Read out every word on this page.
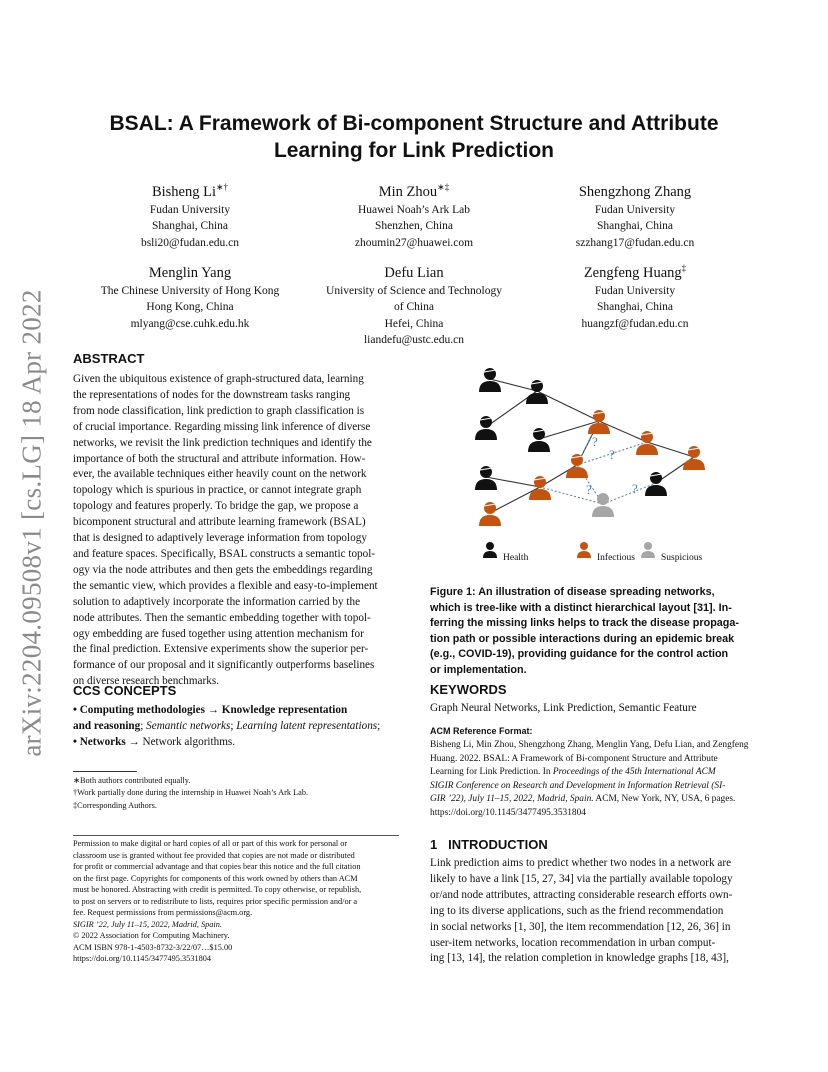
arXiv:2204.09508v1 [cs.LG] 18 Apr 2022
BSAL: A Framework of Bi-component Structure and Attribute
Learning for Link Prediction
Bisheng Li∗†
Fudan University
Shanghai, China
bsli20@fudan.edu.cn
Min Zhou∗‡
Huawei Noah’s Ark Lab
Shenzhen, China
zhoumin27@huawei.com
Shengzhong Zhang
Fudan University
Shanghai, China
szzhang17@fudan.edu.cn
Menglin Yang
The Chinese University of Hong Kong
Hong Kong, China
mlyang@cse.cuhk.edu.hk
Defu Lian
University of Science and Technology
of China
Hefei, China
liandefu@ustc.edu.cn
Zengfeng Huang‡
Fudan University
Shanghai, China
huangzf@fudan.edu.cn
ABSTRACT
Given the ubiquitous existence of graph-structured data, learning
the representations of nodes for the downstream tasks ranging
from node classification, link prediction to graph classification is
of crucial importance. Regarding missing link inference of diverse
networks, we revisit the link prediction techniques and identify the
importance of both the structural and attribute information. How-
ever, the available techniques either heavily count on the network
topology which is spurious in practice, or cannot integrate graph
topology and features properly. To bridge the gap, we propose a
bicomponent structural and attribute learning framework (BSAL)
that is designed to adaptively leverage information from topology
and feature spaces. Specifically, BSAL constructs a semantic topol-
ogy via the node attributes and then gets the embeddings regarding
the semantic view, which provides a flexible and easy-to-implement
solution to adaptively incorporate the information carried by the
node attributes. Then the semantic embedding together with topol-
ogy embedding are fused together using attention mechanism for
the final prediction. Extensive experiments show the superior per-
formance of our proposal and it significantly outperforms baselines
on diverse research benchmarks.
CCS CONCEPTS
• Computing methodologies → Knowledge representation
and reasoning; Semantic networks; Learning latent representations;
• Networks → Network algorithms.
∗Both authors contributed equally.
†Work partially done during the internship in Huawei Noah’s Ark Lab.
‡Corresponding Authors.
Permission to make digital or hard copies of all or part of this work for personal or
classroom use is granted without fee provided that copies are not made or distributed
for profit or commercial advantage and that copies bear this notice and the full citation
on the first page. Copyrights for components of this work owned by others than ACM
must be honored. Abstracting with credit is permitted. To copy otherwise, or republish,
to post on servers or to redistribute to lists, requires prior specific permission and/or a
fee. Request permissions from permissions@acm.org.
SIGIR ’22, July 11–15, 2022, Madrid, Spain.
© 2022 Association for Computing Machinery.
ACM ISBN 978-1-4503-8732-3/22/07…$15.00
https://doi.org/10.1145/3477495.3531804
?
?
?	?
Health	Infectious	Suspicious
Figure 1: An illustration of disease spreading networks,
which is tree-like with a distinct hierarchical layout [31]. In-
ferring the missing links helps to track the disease propaga-
tion path or possible interactions during an epidemic break
(e.g., COVID-19), providing guidance for the control action
or implementation.
KEYWORDS
Graph Neural Networks, Link Prediction, Semantic Feature
ACM Reference Format:
Bisheng Li, Min Zhou, Shengzhong Zhang, Menglin Yang, Defu Lian, and Zengfeng
Huang. 2022. BSAL: A Framework of Bi-component Structure and Attribute
Learning for Link Prediction. In Proceedings of the 45th International ACM
SIGIR Conference on Research and Development in Information Retrieval (SI-
GIR ’22), July 11–15, 2022, Madrid, Spain. ACM, New York, NY, USA, 6 pages.
https://doi.org/10.1145/3477495.3531804
1 INTRODUCTION
Link prediction aims to predict whether two nodes in a network are
likely to have a link [15, 27, 34] via the partially available topology
or/and node attributes, attracting considerable research efforts own-
ing to its diverse applications, such as the friend recommendation
in social networks [1, 30], the item recommendation [12, 26, 36] in
user-item networks, location recommendation in urban comput-
ing [13, 14], the relation completion in knowledge graphs [18, 43],
